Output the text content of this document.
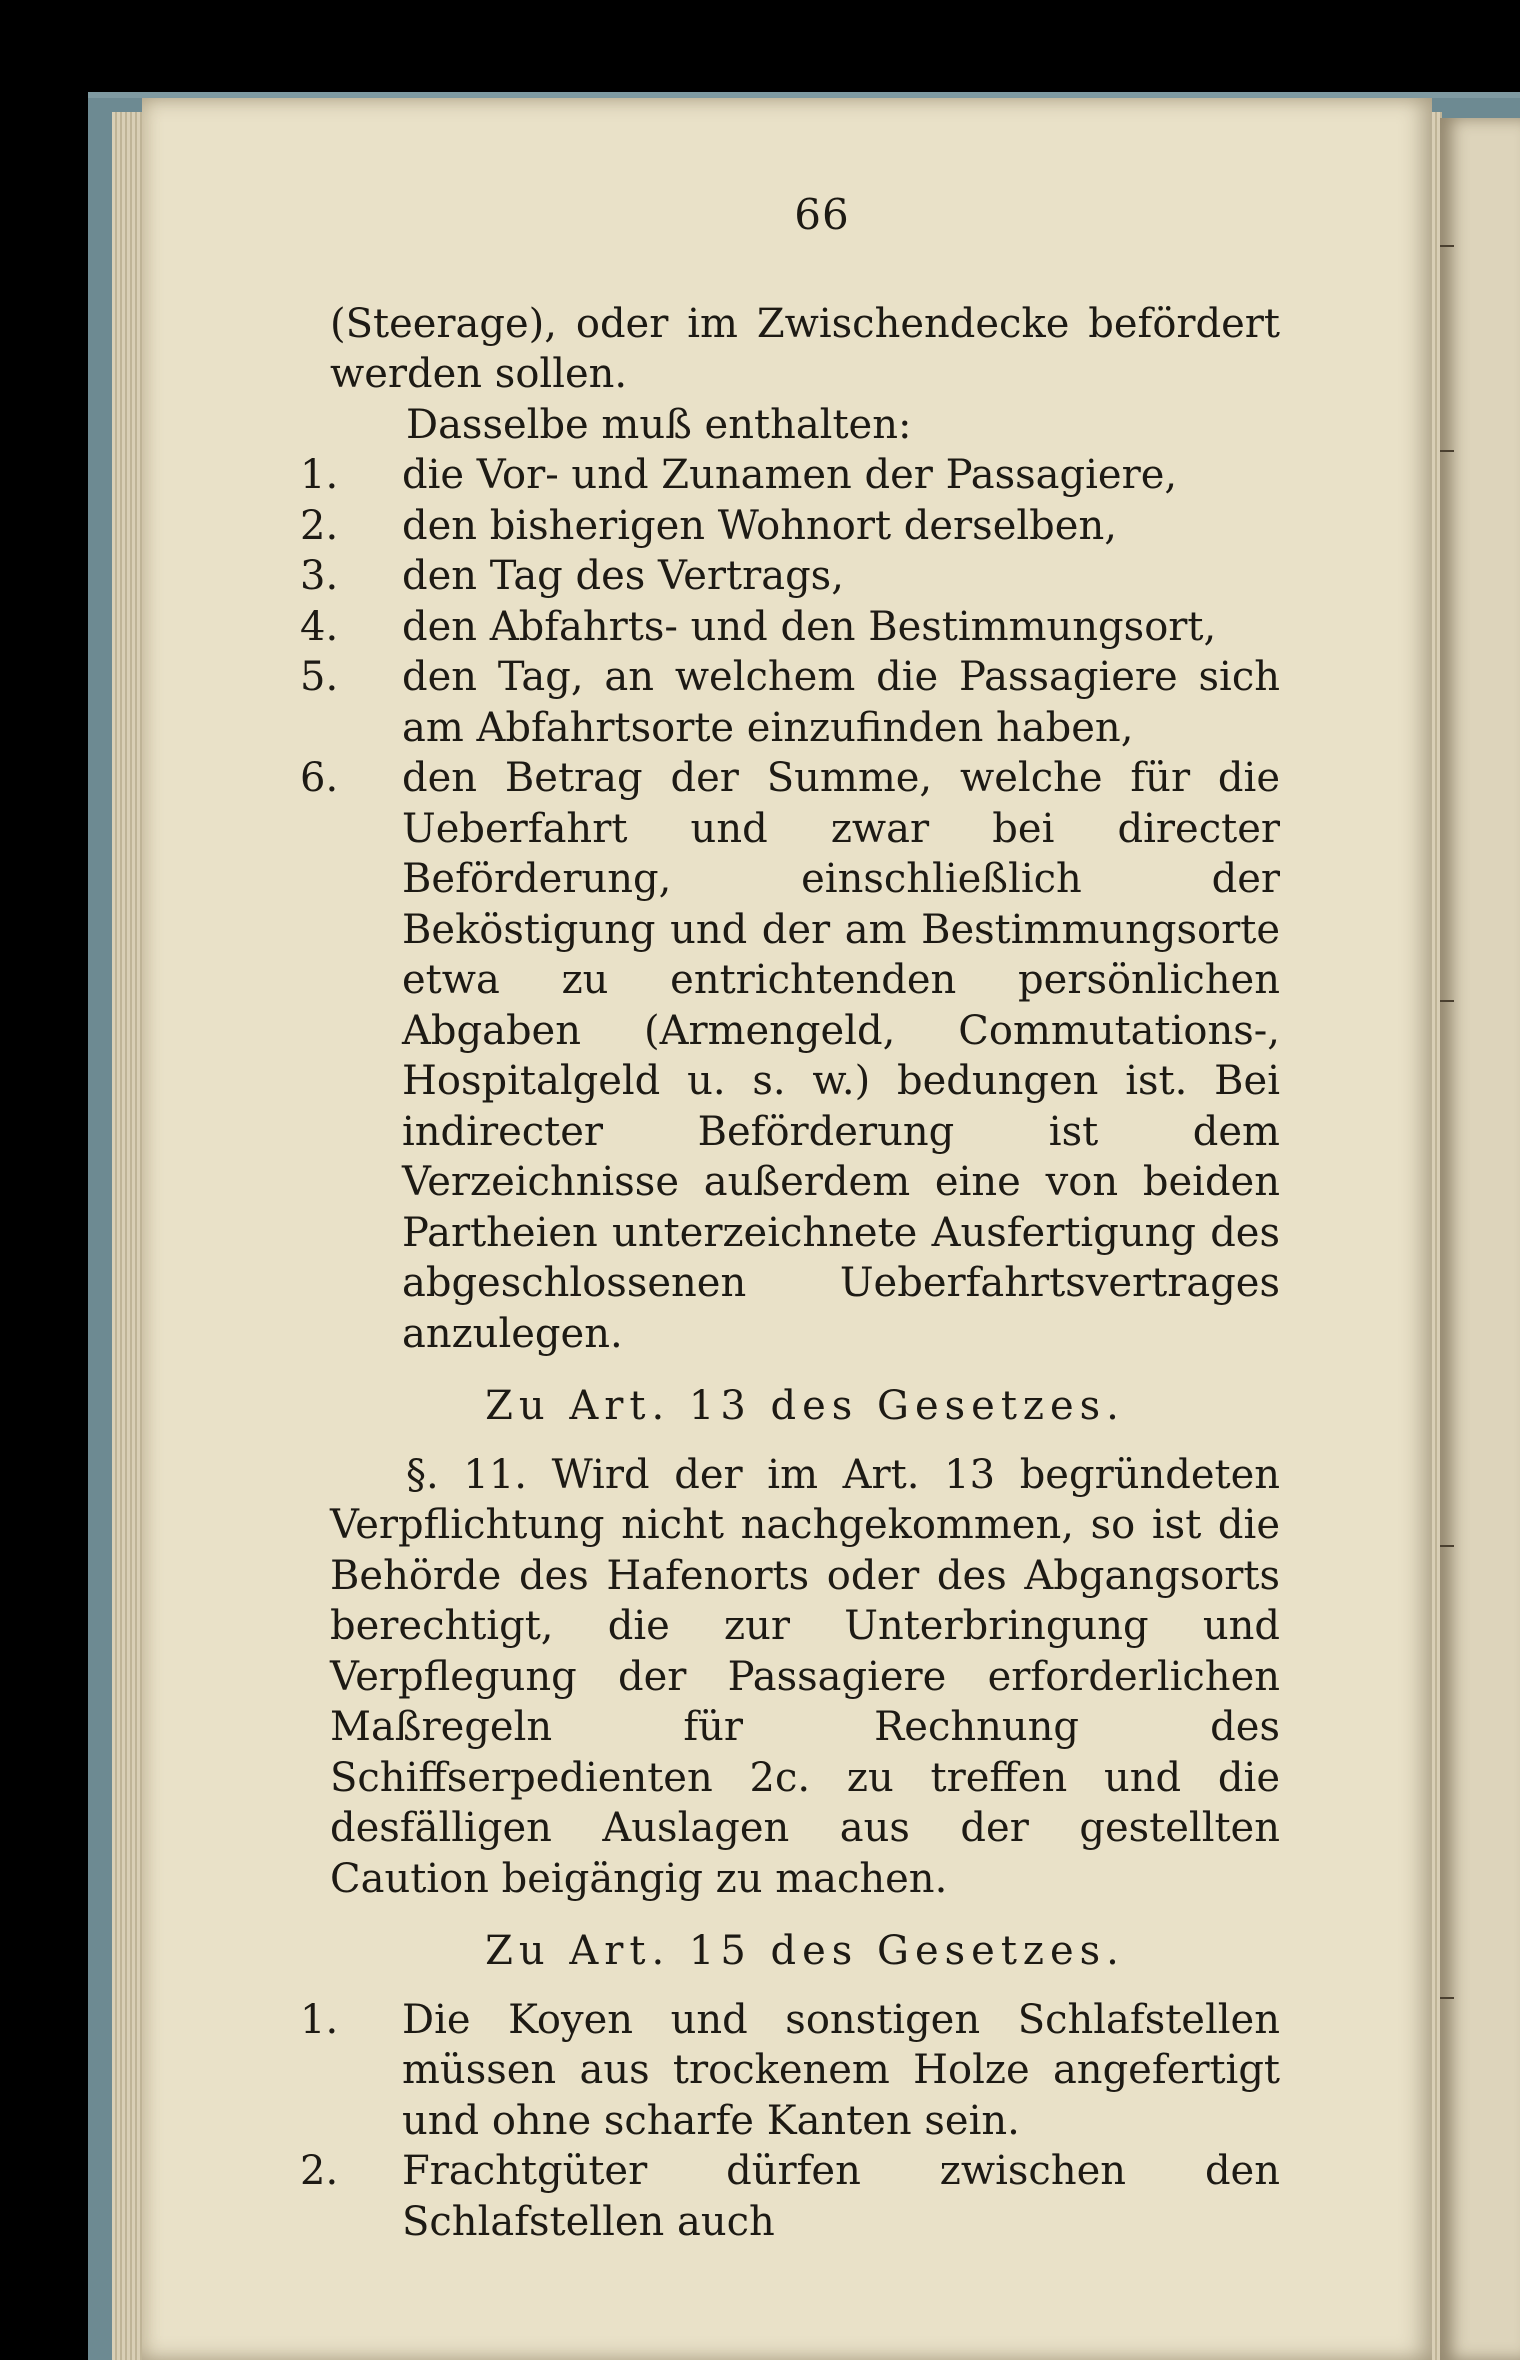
66

(Steerage), oder im Zwischendecke befördert werden sollen.

Dasselbe muß enthalten:

1.	die Vor- und Zunamen der Passagiere,
2.	den bisherigen Wohnort derselben,
3.	den Tag des Vertrags,
4.	den Abfahrts- und den Bestimmungsort,
5.	den Tag, an welchem die Passagiere sich am Abfahrtsorte einzufinden haben,
6.	den Betrag der Summe, welche für die Ueberfahrt und zwar bei directer Beförderung, einschließlich der Beköstigung und der am Bestimmungsorte etwa zu entrichtenden persönlichen Abgaben (Armengeld, Commutations-, Hospitalgeld u. s. w.) bedungen ist. Bei indirecter Beförderung ist dem Verzeichnisse außerdem eine von beiden Partheien unterzeichnete Ausfertigung des abgeschlossenen Ueberfahrtsvertrages anzulegen.
Zu Art. 13 des Gesetzes.

§. 11. Wird der im Art. 13 begründeten Verpflichtung nicht nachgekommen, so ist die Behörde des Hafenorts oder des Abgangsorts berechtigt, die zur Unterbringung und Verpflegung der Passagiere erforderlichen Maßregeln für Rechnung des Schiffserpedienten 2c. zu treffen und die desfälligen Auslagen aus der gestellten Caution beigängig zu machen.

Zu Art. 15 des Gesetzes.
1.	Die Koyen und sonstigen Schlafstellen müssen aus trockenem Holze angefertigt und ohne scharfe Kanten sein.
2.	Frachtgüter dürfen zwischen den Schlafstellen auch
